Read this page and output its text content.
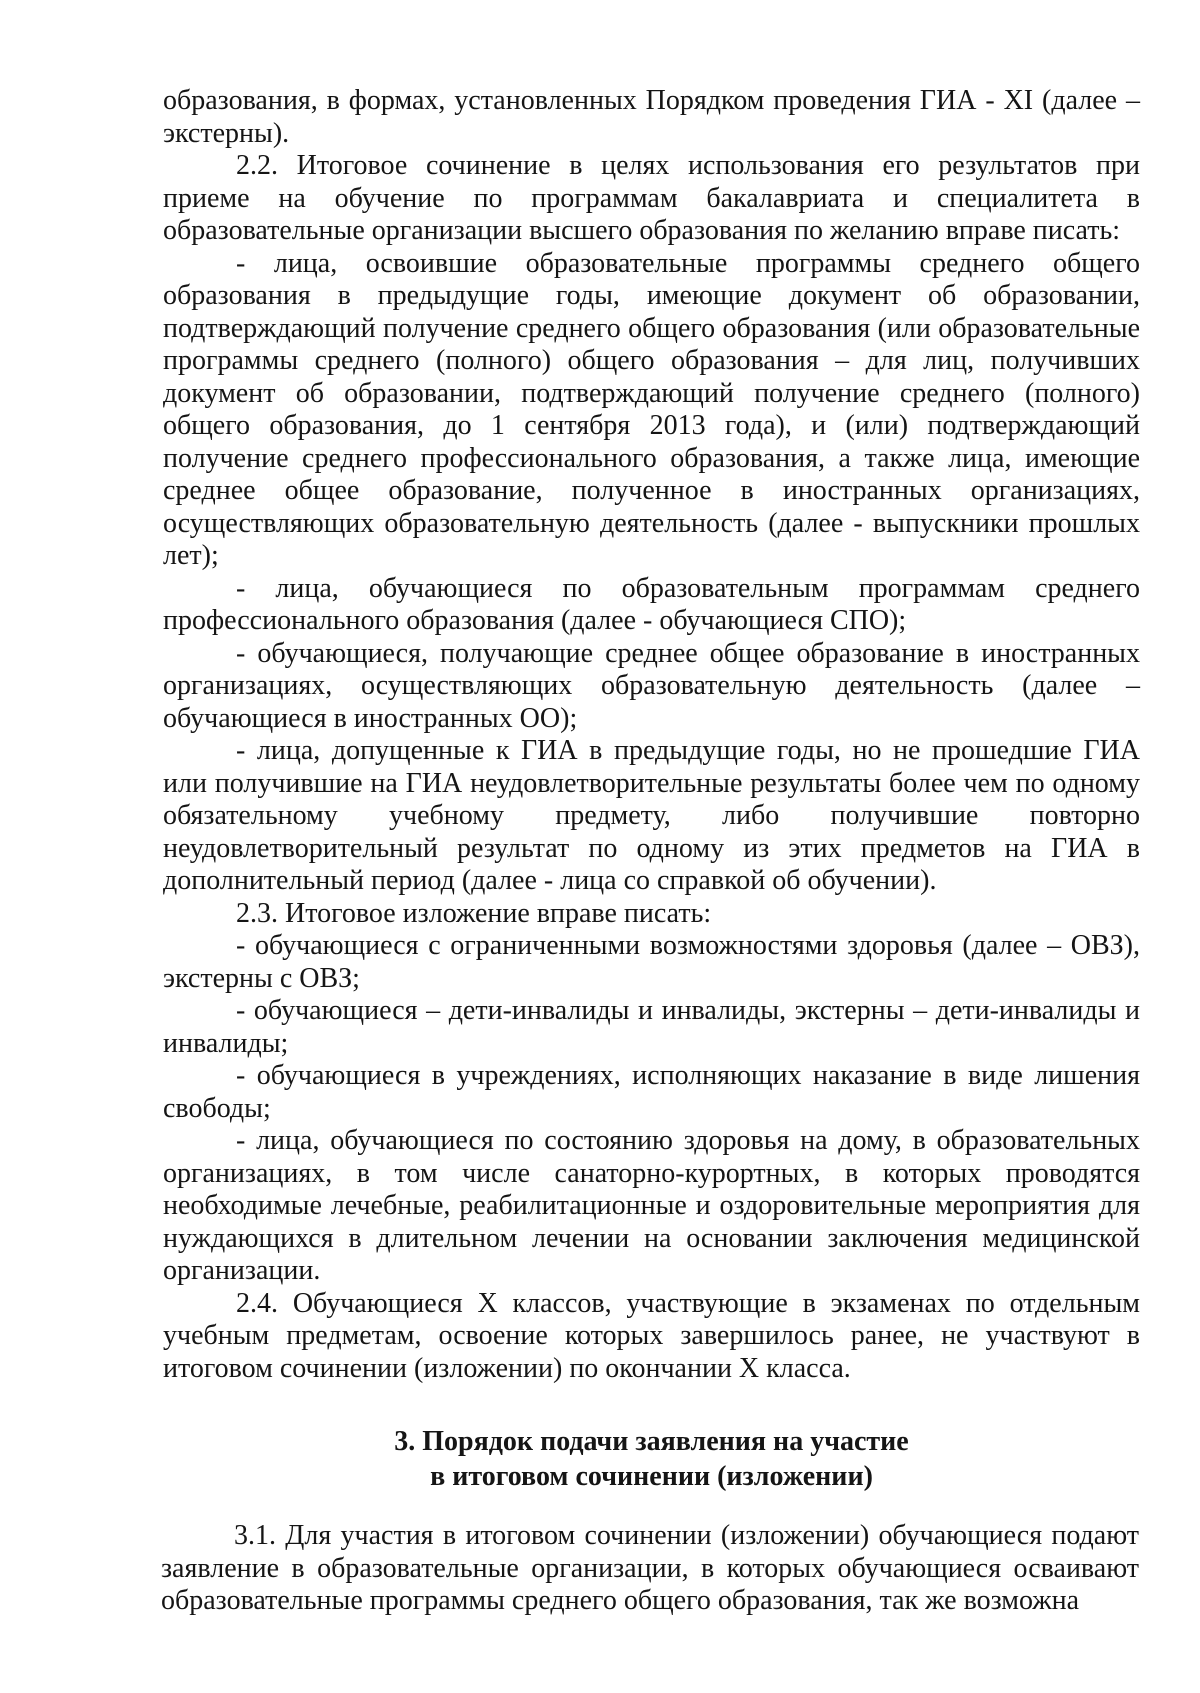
образования, в формах, установленных Порядком проведения ГИА - XI (далее – экстерны).

2.2. Итоговое сочинение в целях использования его результатов при приеме на обучение по программам бакалавриата и специалитета в образовательные организации высшего образования по желанию вправе писать:

- лица, освоившие образовательные программы среднего общего образования в предыдущие годы, имеющие документ об образовании, подтверждающий получение среднего общего образования (или образовательные программы среднего (полного) общего образования – для лиц, получивших документ об образовании, подтверждающий получение среднего (полного) общего образования, до 1 сентября 2013 года), и (или) подтверждающий получение среднего профессионального образования, а также лица, имеющие среднее общее образование, полученное в иностранных организациях, осуществляющих образовательную деятельность (далее - выпускники прошлых лет);

- лица, обучающиеся по образовательным программам среднего профессионального образования (далее - обучающиеся СПО);

- обучающиеся, получающие среднее общее образование в иностранных организациях, осуществляющих образовательную деятельность (далее – обучающиеся в иностранных ОО);

- лица, допущенные к ГИА в предыдущие годы, но не прошедшие ГИА или получившие на ГИА неудовлетворительные результаты более чем по одному обязательному учебному предмету, либо получившие повторно неудовлетворительный результат по одному из этих предметов на ГИА в дополнительный период (далее - лица со справкой об обучении).

2.3. Итоговое изложение вправе писать:

- обучающиеся с ограниченными возможностями здоровья (далее – ОВЗ), экстерны с ОВЗ;

- обучающиеся – дети-инвалиды и инвалиды, экстерны – дети-инвалиды и инвалиды;

- обучающиеся в учреждениях, исполняющих наказание в виде лишения свободы;

- лица, обучающиеся по состоянию здоровья на дому, в образовательных организациях, в том числе санаторно-курортных, в которых проводятся необходимые лечебные, реабилитационные и оздоровительные мероприятия для нуждающихся в длительном лечении на основании заключения медицинской организации.

2.4. Обучающиеся X классов, участвующие в экзаменах по отдельным учебным предметам, освоение которых завершилось ранее, не участвуют в итоговом сочинении (изложении) по окончании X класса.

3. Порядок подачи заявления на участие
в итоговом сочинении (изложении)

3.1. Для участия в итоговом сочинении (изложении) обучающиеся подают заявление в образовательные организации, в которых обучающиеся осваивают образовательные программы среднего общего образования, так же возможна
